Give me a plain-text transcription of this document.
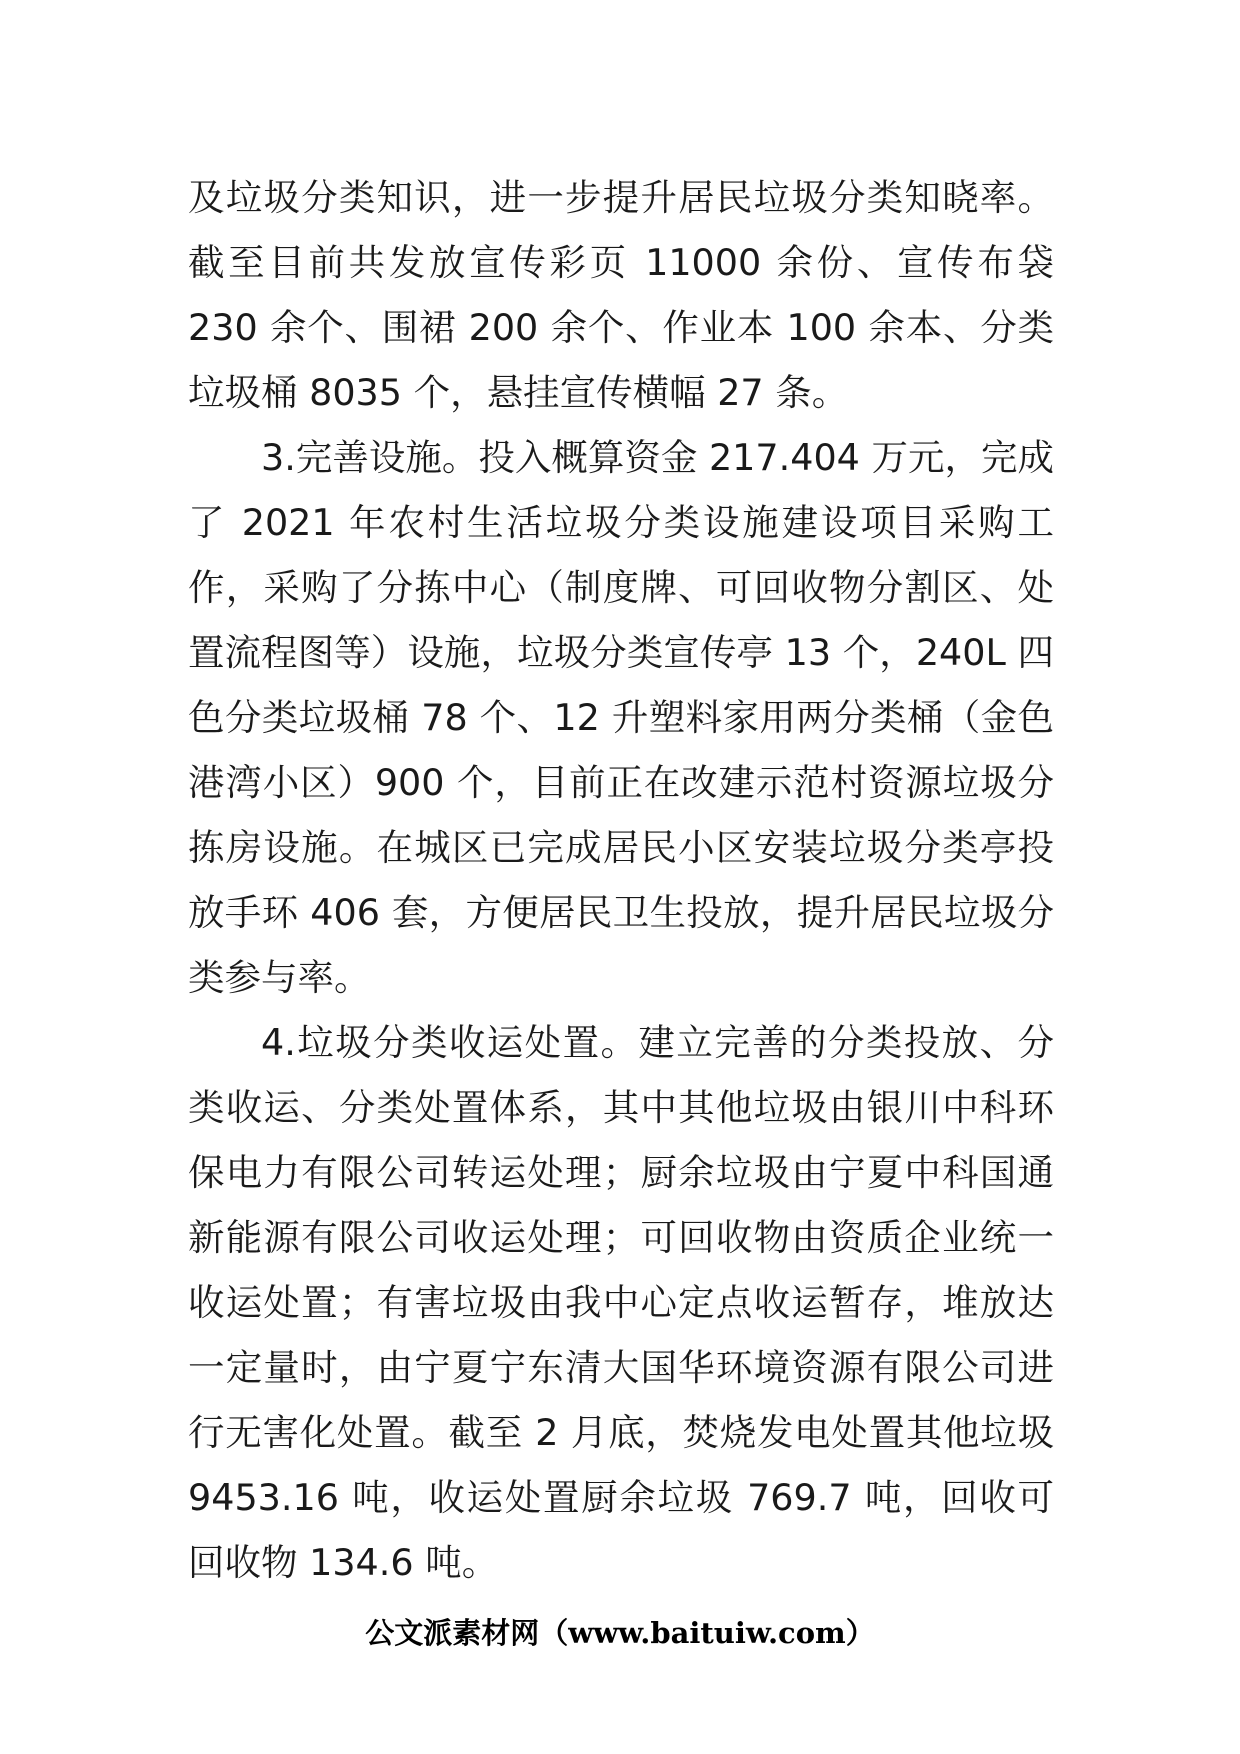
及垃圾分类知识，进一步提升居民垃圾分类知晓率。截至目前共发放宣传彩页 11000 余份、宣传布袋 230 余个、围裙 200 余个、作业本 100 余本、分类垃圾桶 8035 个，悬挂宣传横幅 27 条。

3.完善设施。投入概算资金 217.404 万元，完成了 2021 年农村生活垃圾分类设施建设项目采购工作，采购了分拣中心（制度牌、可回收物分割区、处置流程图等）设施，垃圾分类宣传亭 13 个，240L 四色分类垃圾桶 78 个、12 升塑料家用两分类桶（金色港湾小区）900 个，目前正在改建示范村资源垃圾分拣房设施。在城区已完成居民小区安装垃圾分类亭投放手环 406 套，方便居民卫生投放，提升居民垃圾分类参与率。

4.垃圾分类收运处置。建立完善的分类投放、分类收运、分类处置体系，其中其他垃圾由银川中科环保电力有限公司转运处理；厨余垃圾由宁夏中科国通新能源有限公司收运处理；可回收物由资质企业统一收运处置；有害垃圾由我中心定点收运暂存，堆放达一定量时，由宁夏宁东清大国华环境资源有限公司进行无害化处置。截至 2 月底，焚烧发电处置其他垃圾 9453.16 吨，收运处置厨余垃圾 769.7 吨，回收可回收物 134.6 吨。

公文派素材网（www.baituiw.com）
